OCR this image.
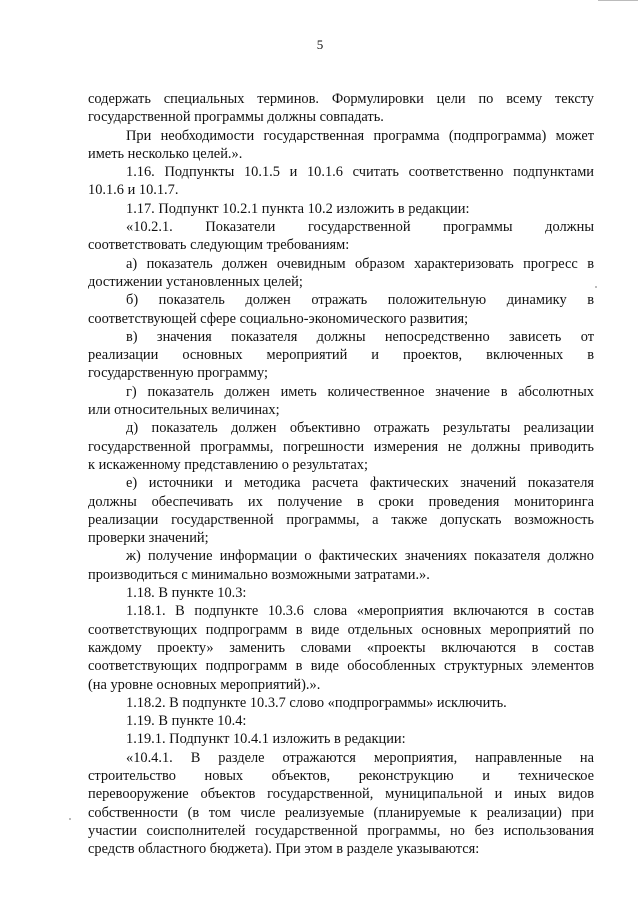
5
содержать специальных терминов. Формулировки цели по всему тексту
государственной программы должны совпадать.
При необходимости государственная программа (подпрограмма) может
иметь несколько целей.».
1.16. Подпункты 10.1.5 и 10.1.6 считать соответственно подпунктами
10.1.6 и 10.1.7.
1.17. Подпункт 10.2.1 пункта 10.2 изложить в редакции:
«10.2.1. Показатели государственной программы должны
соответствовать следующим требованиям:
а) показатель должен очевидным образом характеризовать прогресс в
достижении установленных целей;
б) показатель должен отражать положительную динамику в
соответствующей сфере социально-экономического развития;
в) значения показателя должны непосредственно зависеть от
реализации основных мероприятий и проектов, включенных в
государственную программу;
г) показатель должен иметь количественное значение в абсолютных
или относительных величинах;
д) показатель должен объективно отражать результаты реализации
государственной программы, погрешности измерения не должны приводить
к искаженному представлению о результатах;
е) источники и методика расчета фактических значений показателя
должны обеспечивать их получение в сроки проведения мониторинга
реализации государственной программы, а также допускать возможность
проверки значений;
ж) получение информации о фактических значениях показателя должно
производиться с минимально возможными затратами.».
1.18. В пункте 10.3:
1.18.1. В подпункте 10.3.6 слова «мероприятия включаются в состав
соответствующих подпрограмм в виде отдельных основных мероприятий по
каждому проекту» заменить словами «проекты включаются в состав
соответствующих подпрограмм в виде обособленных структурных элементов
(на уровне основных мероприятий).».
1.18.2. В подпункте 10.3.7 слово «подпрограммы» исключить.
1.19. В пункте 10.4:
1.19.1. Подпункт 10.4.1 изложить в редакции:
«10.4.1. В разделе отражаются мероприятия, направленные на
строительство новых объектов, реконструкцию и техническое
перевооружение объектов государственной, муниципальной и иных видов
собственности (в том числе реализуемые (планируемые к реализации) при
участии соисполнителей государственной программы, но без использования
средств областного бюджета). При этом в разделе указываются:
